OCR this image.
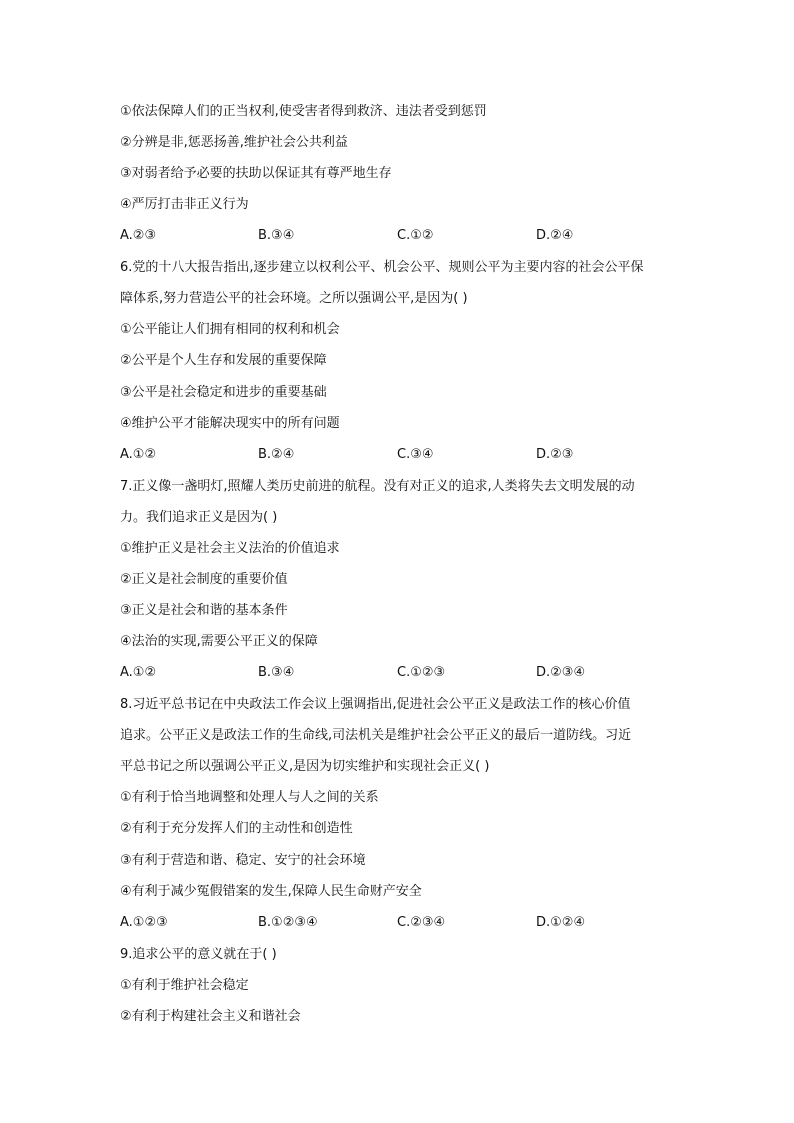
①依法保障人们的正当权利,使受害者得到救济、违法者受到惩罚
②分辨是非,惩恶扬善,维护社会公共利益
③对弱者给予必要的扶助以保证其有尊严地生存
④严厉打击非正义行为
A.②③	B.③④	C.①②	D.②④
6.党的十八大报告指出,逐步建立以权利公平、机会公平、规则公平为主要内容的社会公平保
障体系,努力营造公平的社会环境。之所以强调公平,是因为( )
①公平能让人们拥有相同的权利和机会
②公平是个人生存和发展的重要保障
③公平是社会稳定和进步的重要基础
④维护公平才能解决现实中的所有问题
A.①②	B.②④	C.③④	D.②③
7.正义像一盏明灯,照耀人类历史前进的航程。没有对正义的追求,人类将失去文明发展的动
力。我们追求正义是因为( )
①维护正义是社会主义法治的价值追求
②正义是社会制度的重要价值
③正义是社会和谐的基本条件
④法治的实现,需要公平正义的保障
A.①②	B.③④	C.①②③	D.②③④
8.习近平总书记在中央政法工作会议上强调指出,促进社会公平正义是政法工作的核心价值
追求。公平正义是政法工作的生命线,司法机关是维护社会公平正义的最后一道防线。习近
平总书记之所以强调公平正义,是因为切实维护和实现社会正义( )
①有利于恰当地调整和处理人与人之间的关系
②有利于充分发挥人们的主动性和创造性
③有利于营造和谐、稳定、安宁的社会环境
④有利于减少冤假错案的发生,保障人民生命财产安全
A.①②③	B.①②③④	C.②③④	D.①②④
9.追求公平的意义就在于( )
①有利于维护社会稳定
②有利于构建社会主义和谐社会
